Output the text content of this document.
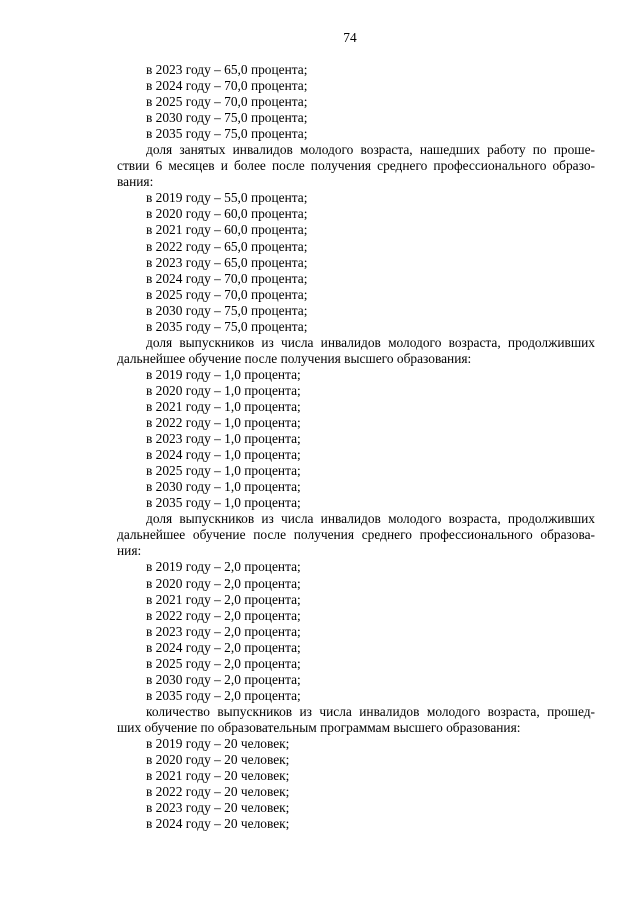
74
в 2023 году – 65,0 процента;
в 2024 году – 70,0 процента;
в 2025 году – 70,0 процента;
в 2030 году – 75,0 процента;
в 2035 году – 75,0 процента;
доля занятых инвалидов молодого возраста, нашедших работу по проше-
ствии 6 месяцев и более после получения среднего профессионального образо-
вания:
в 2019 году – 55,0 процента;
в 2020 году – 60,0 процента;
в 2021 году – 60,0 процента;
в 2022 году – 65,0 процента;
в 2023 году – 65,0 процента;
в 2024 году – 70,0 процента;
в 2025 году – 70,0 процента;
в 2030 году – 75,0 процента;
в 2035 году – 75,0 процента;
доля выпускников из числа инвалидов молодого возраста, продолживших
дальнейшее обучение после получения высшего образования:
в 2019 году – 1,0 процента;
в 2020 году – 1,0 процента;
в 2021 году – 1,0 процента;
в 2022 году – 1,0 процента;
в 2023 году – 1,0 процента;
в 2024 году – 1,0 процента;
в 2025 году – 1,0 процента;
в 2030 году – 1,0 процента;
в 2035 году – 1,0 процента;
доля выпускников из числа инвалидов молодого возраста, продолживших
дальнейшее обучение после получения среднего профессионального образова-
ния:
в 2019 году – 2,0 процента;
в 2020 году – 2,0 процента;
в 2021 году – 2,0 процента;
в 2022 году – 2,0 процента;
в 2023 году – 2,0 процента;
в 2024 году – 2,0 процента;
в 2025 году – 2,0 процента;
в 2030 году – 2,0 процента;
в 2035 году – 2,0 процента;
количество выпускников из числа инвалидов молодого возраста, прошед-
ших обучение по образовательным программам высшего образования:
в 2019 году – 20 человек;
в 2020 году – 20 человек;
в 2021 году – 20 человек;
в 2022 году – 20 человек;
в 2023 году – 20 человек;
в 2024 году – 20 человек;
